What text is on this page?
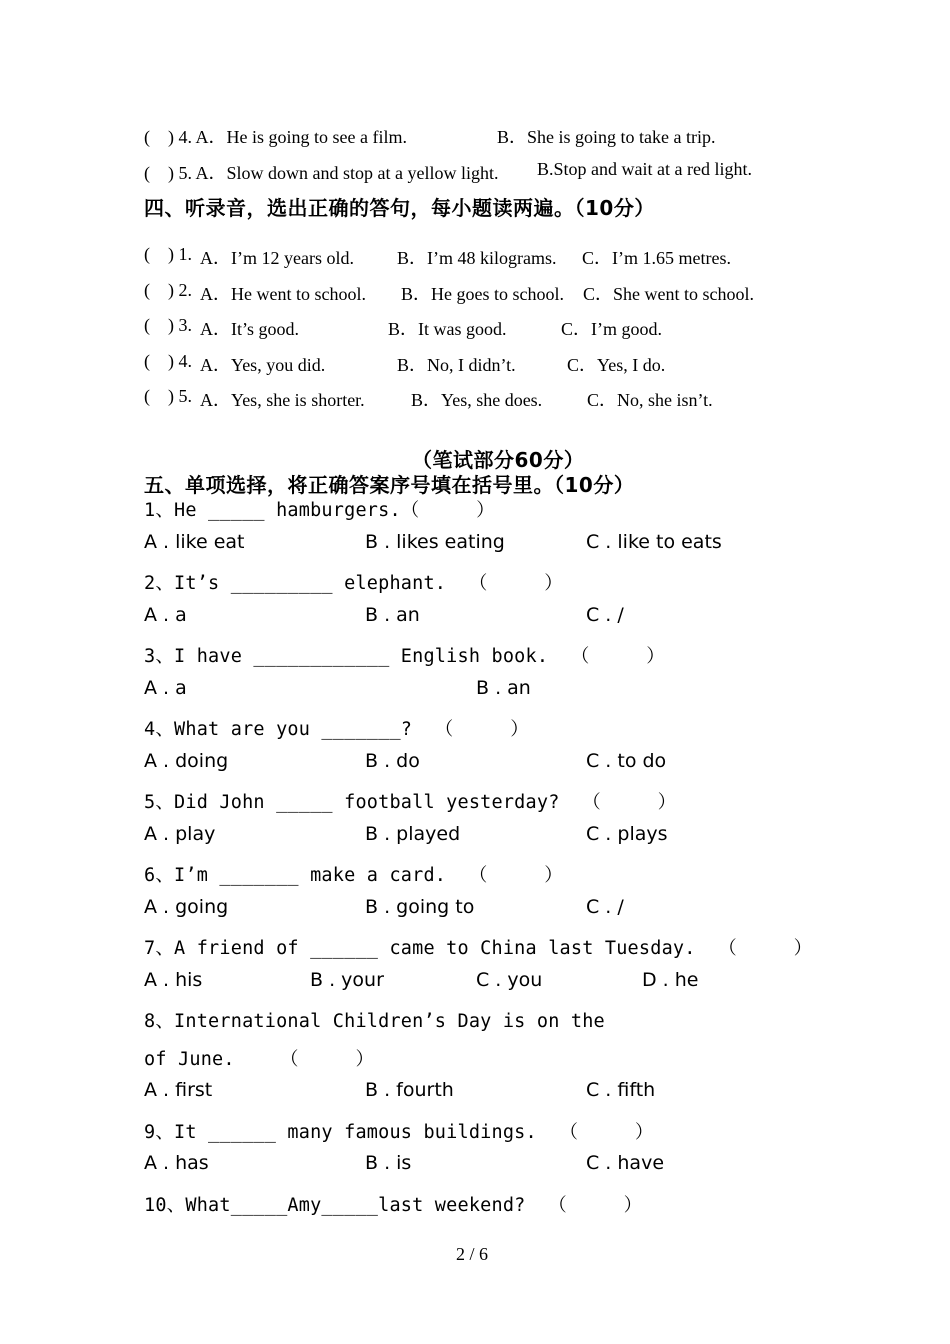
(    ) 4. A．He is going to see a film.	B．She is going to take a trip.
(    ) 5. A．Slow down and stop at a yellow light. B.Stop and wait at a red light.
四、听录音，选出正确的答句，每小题读两遍。（10分）
(    ) 1. A．I’m 12 years old. B．I’m 48 kilograms. C．I’m 1.65 metres.
(    ) 2. A．He went to school. B．He goes to school. C．She went to school.
(    ) 3. A．It’s good.	B．It was good.	C．I’m good.
(    ) 4. A．Yes, you did.	B．No, I didn’t.	C．Yes, I do.
(    ) 5. A．Yes, she is shorter.	B．Yes, she does. C．No, she isn’t.
（笔试部分60分）
五、单项选择，将正确答案序号填在括号里。（10分）
1、He _____ hamburgers.（     ）
A . like eat	B . likes eating	C . like to eats
2、It’s _________ elephant.  （     ）
A . a	B . an	C . /
3、I have ____________ English book.  （     ）
A . a	B . an
4、What are you _______?  （     ）
A . doing	B . do	C . to do
5、Did John _____ football yesterday?  （     ）
A . play	B . played	C . plays
6、I’m _______ make a card.  （     ）
A . going	B . going to	C . /
7、A friend of ______ came to China last Tuesday.  （     ）
A . his	B . your	C . you	D . he
8、International Children’s Day is on the
of June.    （     ）
A . first	B . fourth	C . fifth
9、It ______ many famous buildings.  （     ）
A . has	B . is	C . have
10、What_____Amy_____last weekend?  （     ）
2 / 6
